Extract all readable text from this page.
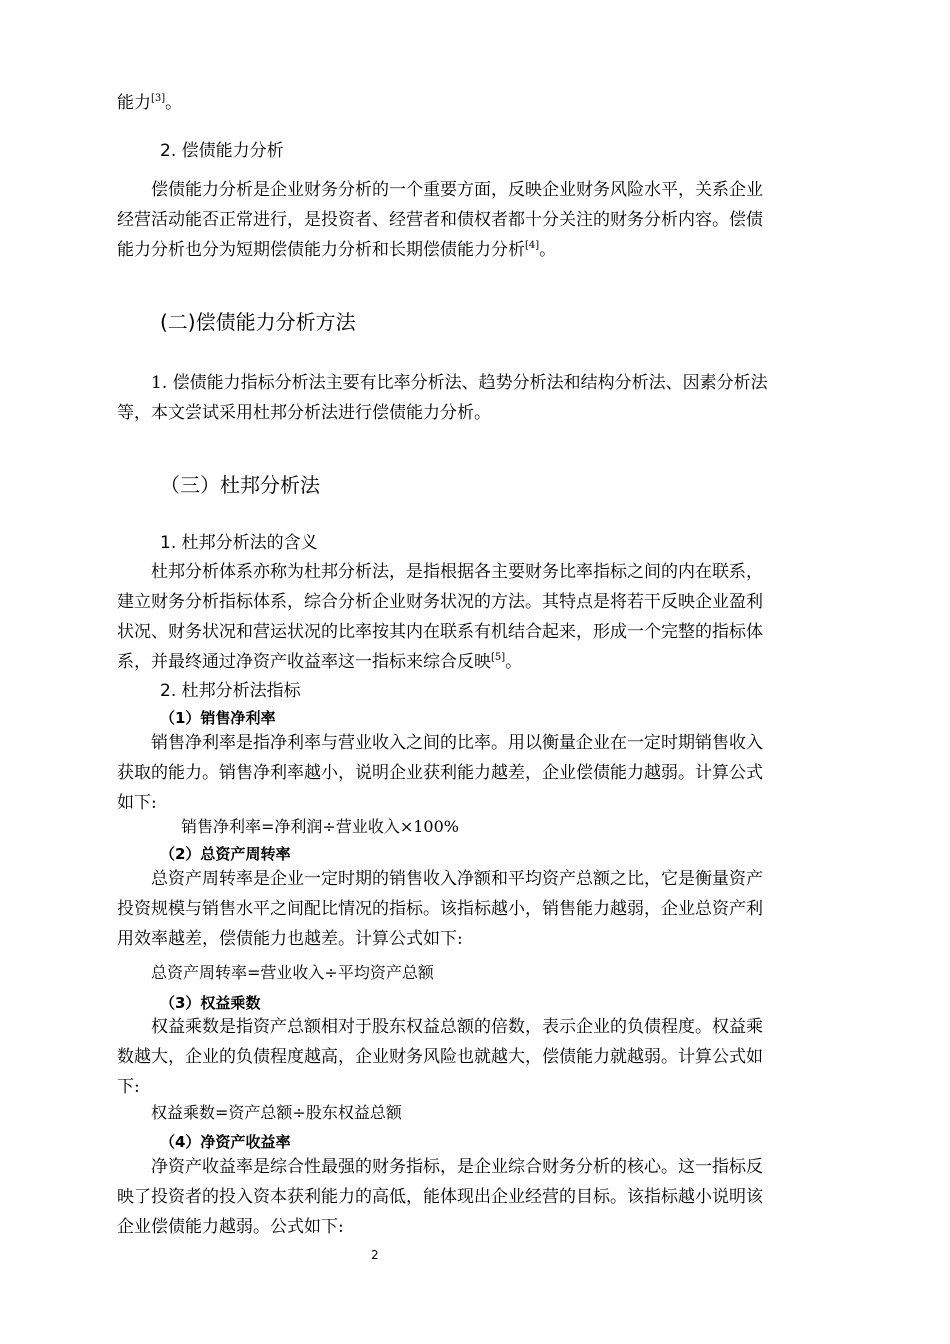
能力[3]。
2. 偿债能力分析
偿债能力分析是企业财务分析的一个重要方面，反映企业财务风险水平，关系企业
经营活动能否正常进行，是投资者、经营者和债权者都十分关注的财务分析内容。偿债
能力分析也分为短期偿债能力分析和长期偿债能力分析[4]。
(二)偿债能力分析方法
1. 偿债能力指标分析法主要有比率分析法、趋势分析法和结构分析法、因素分析法
等，本文尝试采用杜邦分析法进行偿债能力分析。
（三）杜邦分析法
1. 杜邦分析法的含义
杜邦分析体系亦称为杜邦分析法，是指根据各主要财务比率指标之间的内在联系，
建立财务分析指标体系，综合分析企业财务状况的方法。其特点是将若干反映企业盈利
状况、财务状况和营运状况的比率按其内在联系有机结合起来，形成一个完整的指标体
系，并最终通过净资产收益率这一指标来综合反映[5]。
2. 杜邦分析法指标
（1）销售净利率
销售净利率是指净利率与营业收入之间的比率。用以衡量企业在一定时期销售收入
获取的能力。销售净利率越小，说明企业获利能力越差，企业偿债能力越弱。计算公式
如下:
销售净利率=净利润÷营业收入×100%
（2）总资产周转率
总资产周转率是企业一定时期的销售收入净额和平均资产总额之比，它是衡量资产
投资规模与销售水平之间配比情况的指标。该指标越小，销售能力越弱，企业总资产利
用效率越差，偿债能力也越差。计算公式如下:
总资产周转率=营业收入÷平均资产总额
（3）权益乘数
权益乘数是指资产总额相对于股东权益总额的倍数，表示企业的负债程度。权益乘
数越大，企业的负债程度越高，企业财务风险也就越大，偿债能力就越弱。计算公式如
下:
权益乘数=资产总额÷股东权益总额
（4）净资产收益率
净资产收益率是综合性最强的财务指标，是企业综合财务分析的核心。这一指标反
映了投资者的投入资本获利能力的高低，能体现出企业经营的目标。该指标越小说明该
企业偿债能力越弱。公式如下:
2
